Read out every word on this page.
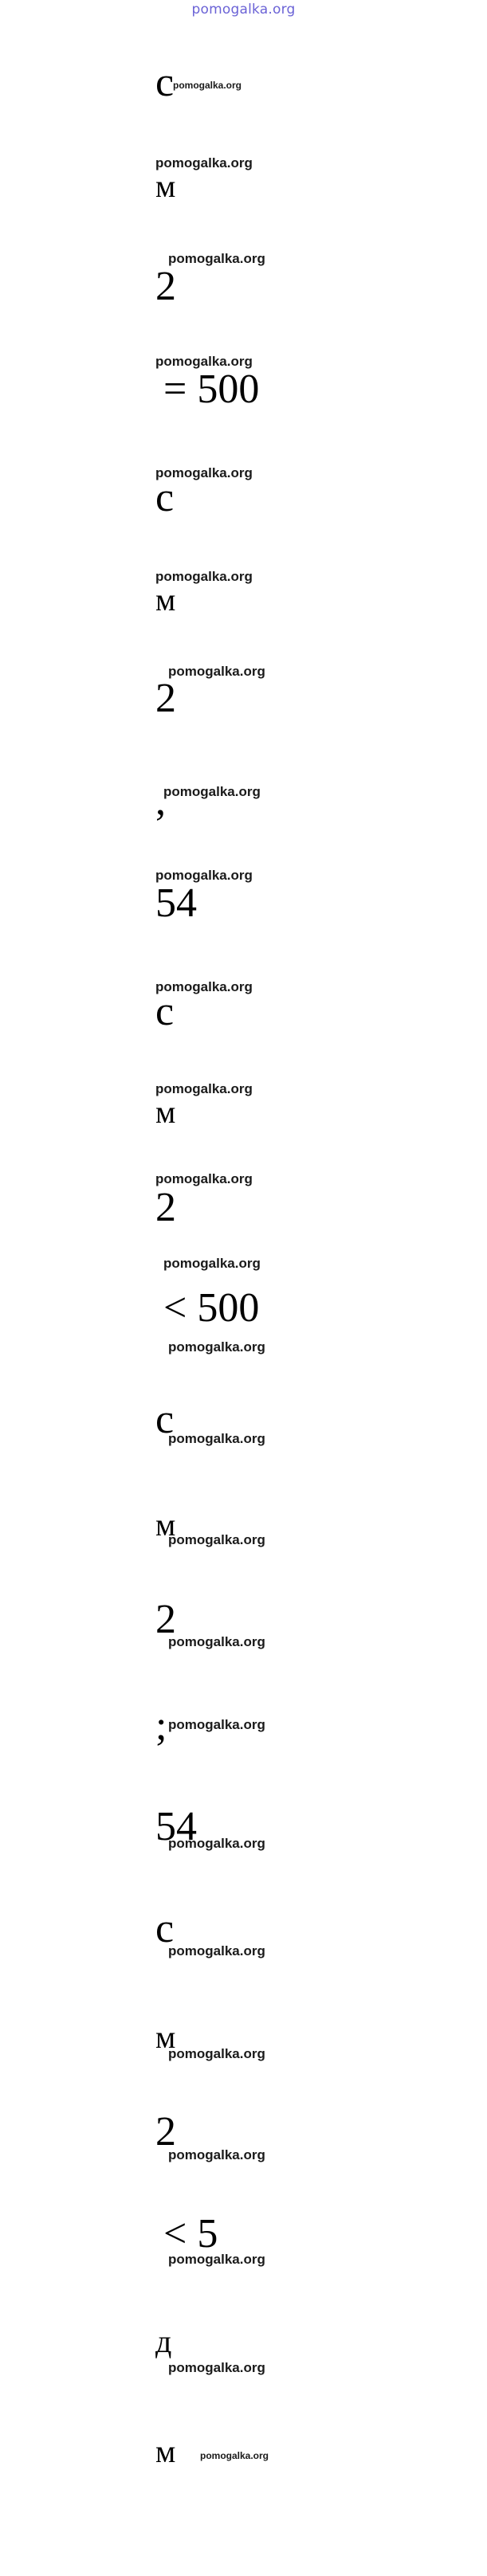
pomogalka.org
с
pomogalka.org
pomogalka.org
м
pomogalka.org
2
pomogalka.org
= 500
pomogalka.org
с
pomogalka.org
м
pomogalka.org
2
pomogalka.org
,
pomogalka.org
54
pomogalka.org
с
pomogalka.org
м
pomogalka.org
2
pomogalka.org
< 500
pomogalka.org
с
pomogalka.org
м
pomogalka.org
2
pomogalka.org
; pomogalka.org
54
pomogalka.org
с
pomogalka.org
м
pomogalka.org
2
pomogalka.org
< 5
pomogalka.org
д
pomogalka.org
м	pomogalka.org
